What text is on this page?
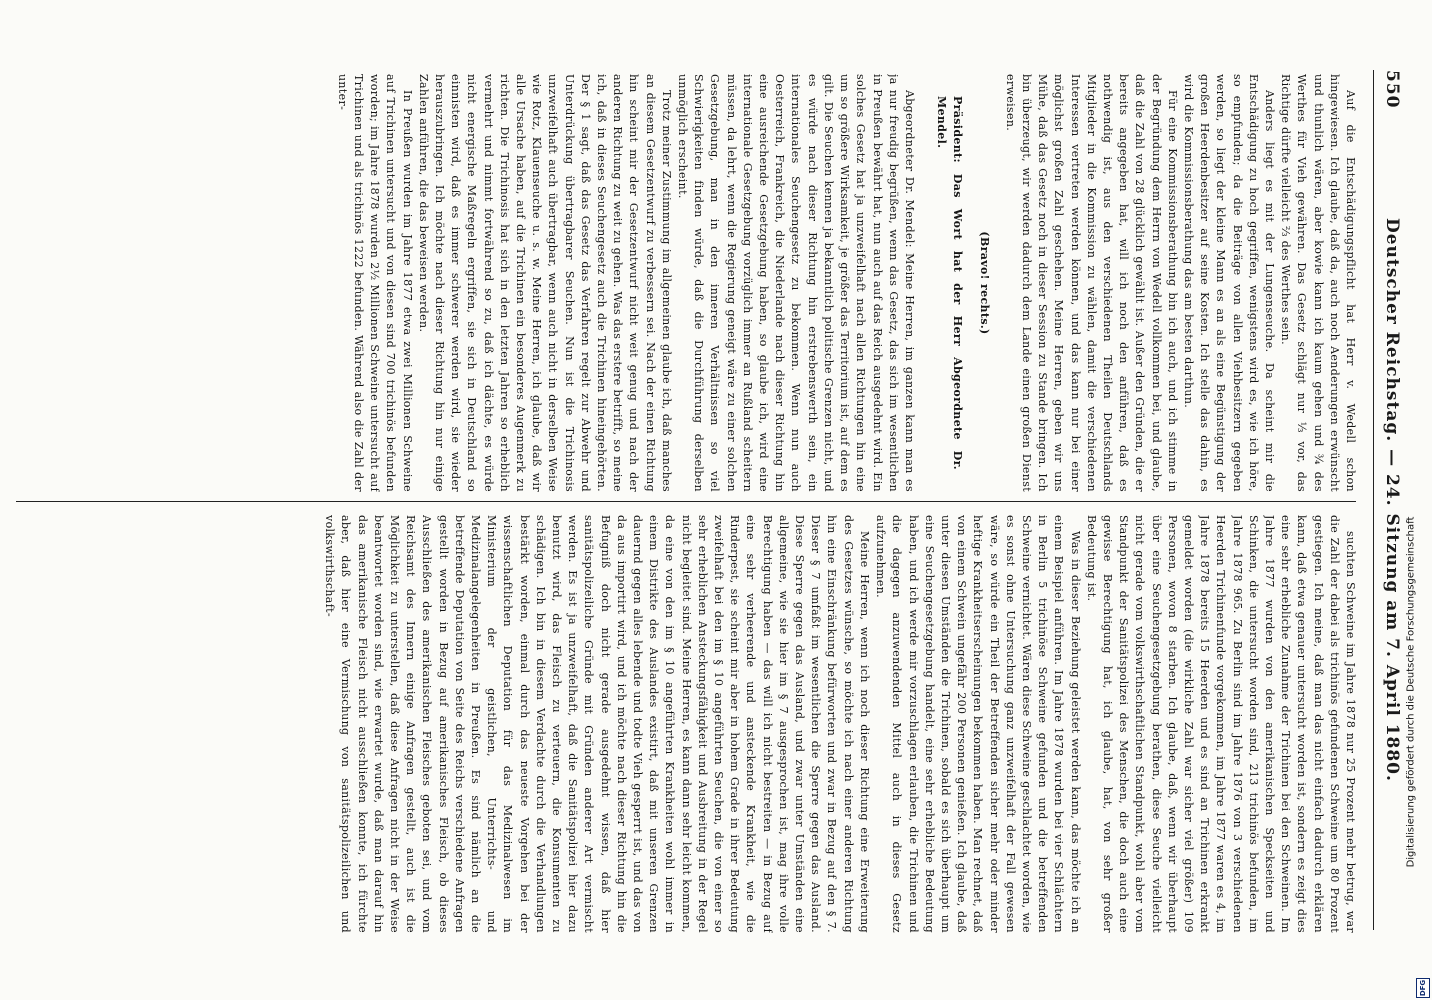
550
Deutscher Reichstag. — 24. Sitzung am 7. April 1880.

Auf die Entschädigungspflicht hat Herr v. Wedell schon hingewiesen. Ich glaube, daß da, auch noch Aenderungen erwünscht und thunlich wären, aber kowie kann ich kaum gehen und ¾ des Werthes für Vieh gewähren. Das Gesetz schlägt nur ⅓ vor, das Richtige dürfte vielleicht ⅔ des Werthes sein.

Anders liegt es mit der Lungenseuche. Da scheint mir die Entschädigung zu hoch gegriffen, wenigstens wird es, wie ich höre, so empfunden; da die Beiträge von allen Viehbesitzern gegeben werden, so liegt der kleine Mann es an als eine Begünstigung der großen Heerdenbesitzer auf seine Kosten. Ich stelle das dahin, es wird die Kommissionsberathung das am besten darthun.

Für eine Kommissionsberathung bin ich auch, und ich stimme in der Begründung dem Herrn von Wedell vollkommen bei, und glaube, daß die Zahl von 28 glücklich gewählt ist. Außer den Gründen, die er bereits angegeben hat, will ich noch den anführen, daß es nothwendig ist, aus den verschiedenen Theilen Deutschlands Mitglieder in die Kommission zu wählen, damit die verschiedenen Interessen vertreten werden können, und das kann nur bei einer möglichst großen Zahl geschehen. Meine Herren, geben wir uns Mühe, daß das Gesetz noch in dieser Session zu Stande bringen. Ich bin überzeugt, wir werden dadurch dem Lande einen großen Dienst erweisen.

(Bravo! rechts.)

Präsident: Das Wort hat der Herr Abgeordnete Dr. Mendel.

Abgeordneter Dr. Mendel: Meine Herren, im ganzen kann man es ja nur freudig begrüßen, wenn das Gesetz, das sich im wesentlichen in Preußen bewährt hat, nun auch auf das Reich ausgedehnt wird. Ein solches Gesetz hat ja unzweifelhaft nach allen Richtungen hin eine um so größere Wirksamkeit, je größer das Territorium ist, auf dem es gilt. Die Seuchen kennen ja bekanntlich politische Grenzen nicht, und es würde nach dieser Richtung hin erstrebenswerth sein, ein internationales Seuchengesetz zu bekommen. Wenn nun auch Oesterreich, Frankreich, die Niederlande nach dieser Richtung hin eine ausreichende Gesetzgebung haben, so glaube ich, wird eine internationale Gesetzgebung vorzüglich immer an Rußland scheitern müssen, da lehrt, wenn die Regierung geneigt wäre zu einer solchen Gesetzgebung, man in den inneren Verhältnissen so viel Schwierigkeiten finden würde, daß die Durchführung derselben unmöglich erscheint.

Trotz meiner Zustimmung im allgemeinen glaube ich, daß manches an diesem Gesetzentwurf zu verbessern sei. Nach der einen Richtung hin scheint mir der Gesetzentwurf nicht weit genug und nach der anderen Richtung zu weit zu gehen. Was das erstere betrifft, so meine ich, daß in dieses Seuchengesetz auch die Trichinen hineingehörten. Der § 1 sagt, daß das Gesetz das Verfahren regelt zur Abwehr und Unterdrückung übertragbarer Seuchen. Nun ist die Trichinosis unzweifelhaft auch übertragbar, wenn auch nicht in derselben Weise wie Rotz, Klauenseuche u. s. w. Meine Herren, ich glaube, daß wir alle Ursache haben, auf die Trichinen ein besonderes Augenmerk zu richten. Die Trichinosis hat sich in den letzten Jahren so erheblich vermehrt und nimmt fortwährend so zu, daß ich dächte, es würde nicht energische Maßregeln ergriffen, sie sich in Deutschland so einnisten wird, daß es immer schwerer werden wird, sie wieder herauszubringen. Ich möchte nach dieser Richtung hin nur einige Zahlen anführen, die das beweisen werden.

In Preußen wurden im Jahre 1877 etwa zwei Millionen Schweine auf Trichinen untersucht und von diesen sind 700 trichinös befunden worden; im Jahre 1878 wurden 2½ Millionen Schweine untersucht auf Trichinen und als trichinös 1222 befunden. Während also die Zahl der unter-

suchten Schweine im Jahre 1878 nur 25 Prozent mehr betrug, war die Zahl der dabei als trichinös gefundenen Schweine um 80 Prozent gestiegen. Ich meine, daß man das nicht einfach dadurch erklären kann, daß etwa genauer untersucht worden ist, sondern es zeigt dies eine sehr erhebliche Zunahme der Trichinen bei den Schweinen. Im Jahre 1877 wurden von den amerikanischen Speckseiten und Schinken, die untersucht worden sind, 213 trichinös befunden, im Jahre 1878 965. Zu Berlin sind im Jahre 1876 von 3 verschiedenen Heerden Trichinenfunde vorgekommen, im Jahre 1877 waren es 4, im Jahre 1878 bereits 15 Heerden und es sind an Trichinen erkrankt gemeldet worden (die wirkliche Zahl war sicher viel größer) 109 Personen, wovon 8 starben. Ich glaube, daß, wenn wir überhaupt über eine Seuchengesetzgebung berathen, diese Seuche vielleicht nicht gerade vom volkswirthschaftlichen Standpunkt, wohl aber vom Standpunkt der Sanitätspolizei des Menschen, die doch auch eine gewisse Berechtigung hat, ich glaube, hat, von sehr großer Bedeutung ist.

Was in dieser Beziehung geleistet werden kann, das möchte ich an einem Beispiel anführen. Im Jahre 1878 wurden bei vier Schlächtern in Berlin 5 trichinöse Schweine gefunden und die betreffenden Schweine vernichtet. Wären diese Schweine geschlachtet worden, wie es sonst ohne Untersuchung ganz unzweifelhaft der Fall gewesen wäre, so würde ein Theil der Betreffenden sicher mehr oder minder heftige Krankheitserscheinungen bekommen haben. Man rechnet, daß von einem Schwein ungefähr 200 Personen genießen. Ich glaube, daß unter diesen Umständen die Trichinen, sobald es sich überhaupt um eine Seuchengesetzgebung handelt, eine sehr erhebliche Bedeutung haben, und ich werde mir vorzuschlagen erlauben, die Trichinen und die dagegen anzuwendenden Mittel auch in dieses Gesetz aufzunehmen.

Meine Herren, wenn ich noch dieser Richtung eine Erweiterung des Gesetzes wünsche, so möchte ich nach einer anderen Richtung hin eine Einschränkung befürworten und zwar in Bezug auf den § 7. Dieser § 7 umfaßt im wesentlichen die Sperre gegen das Ausland. Diese Sperre gegen das Ausland, und zwar unter Umständen eine allgemeine, wie sie hier im § 7 ausgesprochen ist, mag ihre volle Berechtigung haben — das will ich nicht bestreiten — in Bezug auf eine sehr verheerende und ansteckende Krankheit, wie die Rinderpest, sie scheint mir aber in hohem Grade in ihrer Bedeutung zweifelhaft bei den im § 10 angeführten Seuchen, die von einer so sehr erheblichen Ansteckungsfähigkeit und Ausbreitung in der Regel nicht begleitet sind. Meine Herren, es kann dann sehr leicht kommen, da eine von den im § 10 angeführten Krankheiten wohl immer in einem Distrikte des Auslandes existirt, daß mit unseren Grenzen dauernd gegen alles lebende und todte Vieh gesperrt ist, und das von da aus importirt wird, und ich möchte nach dieser Richtung hin die Befugniß doch nicht gerade ausgedehnt wissen, daß hier sanitätspolizeiliche Gründe mit Gründen anderer Art vermischt werden. Es ist ja unzweifelhaft, daß die Sanitätspolizei hier dazu benutzt wird, das Fleisch zu verteuern, die Konsumenten zu schädigen. Ich bin in diesem Verdachte durch die Verhandlungen bestärkt worden, einmal durch das neueste Vorgehen bei der wissenschaftlichen Deputation für das Medizinalwesen im Ministerium der geistlichen, Unterrichts- und Medizinalangelegenheiten in Preußen. Es sind nämlich an die betreffende Deputation von Seite des Reichs verschiedene Anfragen gestellt worden in Bezug auf amerikanisches Fleisch, ob dieses Ausschließen des amerikanischen Fleisches geboten sei, und vom Reichsamt des Innern einige Anfragen gestellt, auch ist die Möglichkeit zu unterstellen, daß diese Anfragen nicht in der Weise beantwortet worden sind, wie erwartet wurde, daß man darauf hin das amerikanische Fleisch nicht ausschließen konnte, ich fürchte aber, daß hier eine Vermischung von sanitätspolizeilichen und volkswirthschaft-	Digitalisierung gefördert durch die Deutsche Forschungsgemeinschaft
DFG
